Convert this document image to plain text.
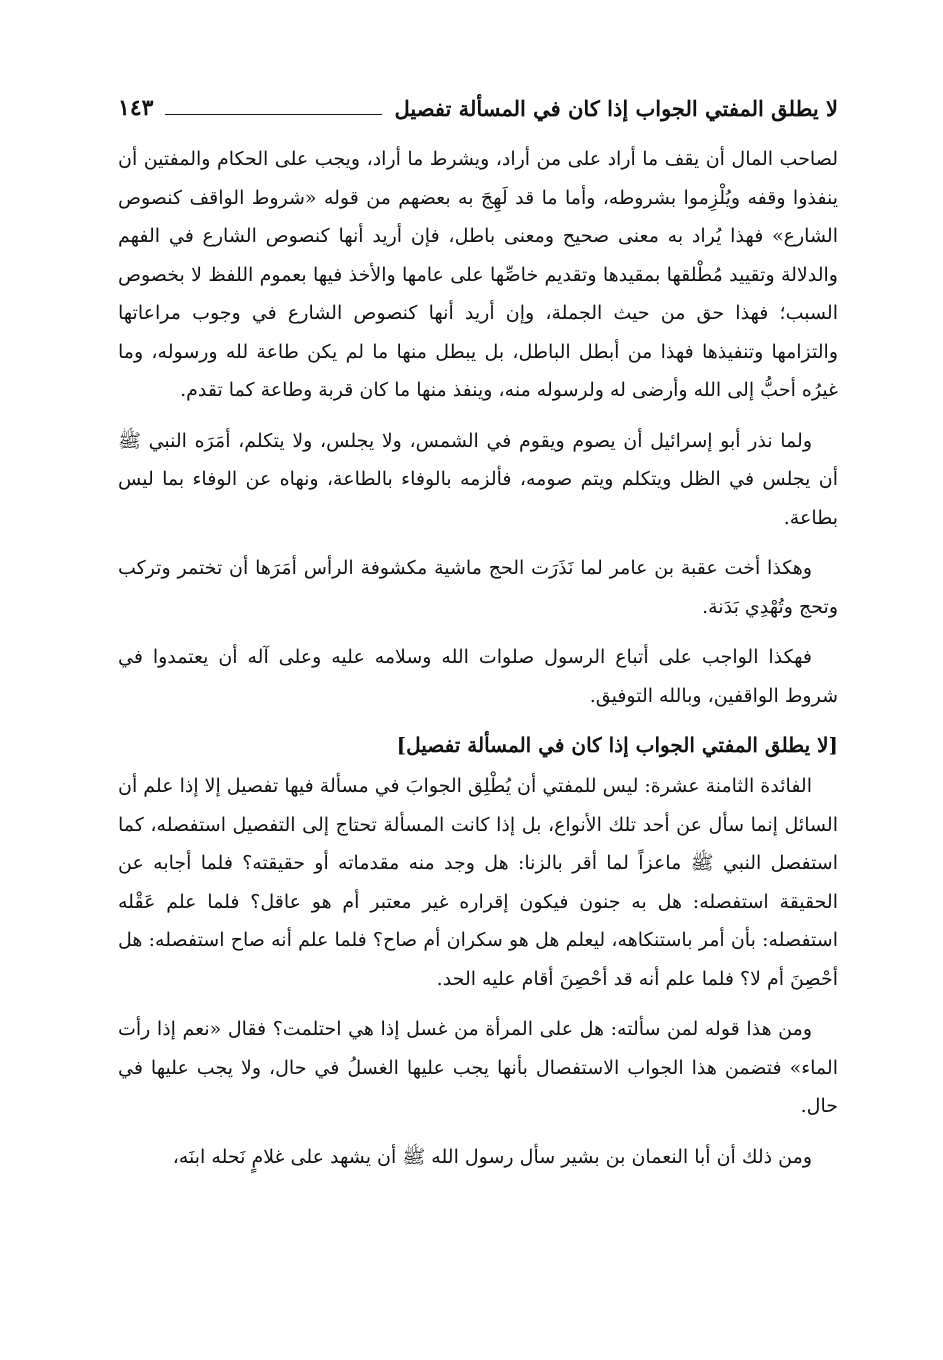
لا يطلق المفتي الجواب إذا كان في المسألة تفصيل
١٤٣

لصاحب المال أن يقف ما أراد على من أراد، ويشرط ما أراد، ويجب على الحكام والمفتين أن ينفذوا وقفه ويُلْزِموا بشروطه، وأما ما قد لَهِجَ به بعضهم من قوله «شروط الواقف كنصوص الشارع» فهذا يُراد به معنى صحيح ومعنى باطل، فإن أريد أنها كنصوص الشارع في الفهم والدلالة وتقييد مُطْلقها بمقيدها وتقديم خاصِّها على عامها والأخذ فيها بعموم اللفظ لا بخصوص السبب؛ فهذا حق من حيث الجملة، وإن أريد أنها كنصوص الشارع في وجوب مراعاتها والتزامها وتنفيذها فهذا من أبطل الباطل، بل يبطل منها ما لم يكن طاعة لله ورسوله، وما غيرُه أحبُّ إلى الله وأرضى له ولرسوله منه، وينفذ منها ما كان قربة وطاعة كما تقدم.

ولما نذر أبو إسرائيل أن يصوم ويقوم في الشمس، ولا يجلس، ولا يتكلم، أمَرَه النبي ﷺ أن يجلس في الظل ويتكلم ويتم صومه، فألزمه بالوفاء بالطاعة، ونهاه عن الوفاء بما ليس بطاعة.

وهكذا أخت عقبة بن عامر لما نَذَرَت الحج ماشية مكشوفة الرأس أمَرَها أن تختمر وتركب وتحج وتُهْدِي بَدَنة.

فهكذا الواجب على أتباع الرسول صلوات الله وسلامه عليه وعلى آله أن يعتمدوا في شروط الواقفين، وبالله التوفيق.

[لا يطلق المفتي الجواب إذا كان في المسألة تفصيل]

الفائدة الثامنة عشرة: ليس للمفتي أن يُطْلِق الجوابَ في مسألة فيها تفصيل إلا إذا علم أن السائل إنما سأل عن أحد تلك الأنواع، بل إذا كانت المسألة تحتاج إلى التفصيل استفصله، كما استفصل النبي ﷺ ماعزاً لما أقر بالزنا: هل وجد منه مقدماته أو حقيقته؟ فلما أجابه عن الحقيقة استفصله: هل به جنون فيكون إقراره غير معتبر أم هو عاقل؟ فلما علم عَقْله استفصله: بأن أمر باستنكاهه، ليعلم هل هو سكران أم صاح؟ فلما علم أنه صاح استفصله: هل أحْصِنَ أم لا؟ فلما علم أنه قد أحْصِنَ أقام عليه الحد.

ومن هذا قوله لمن سألته: هل على المرأة من غسل إذا هي احتلمت؟ فقال «نعم إذا رأت الماء» فتضمن هذا الجواب الاستفصال بأنها يجب عليها الغسلُ في حال، ولا يجب عليها في حال.

ومن ذلك أن أبا النعمان بن بشير سأل رسول الله ﷺ أن يشهد على غلامٍ نَحله ابنَه،
